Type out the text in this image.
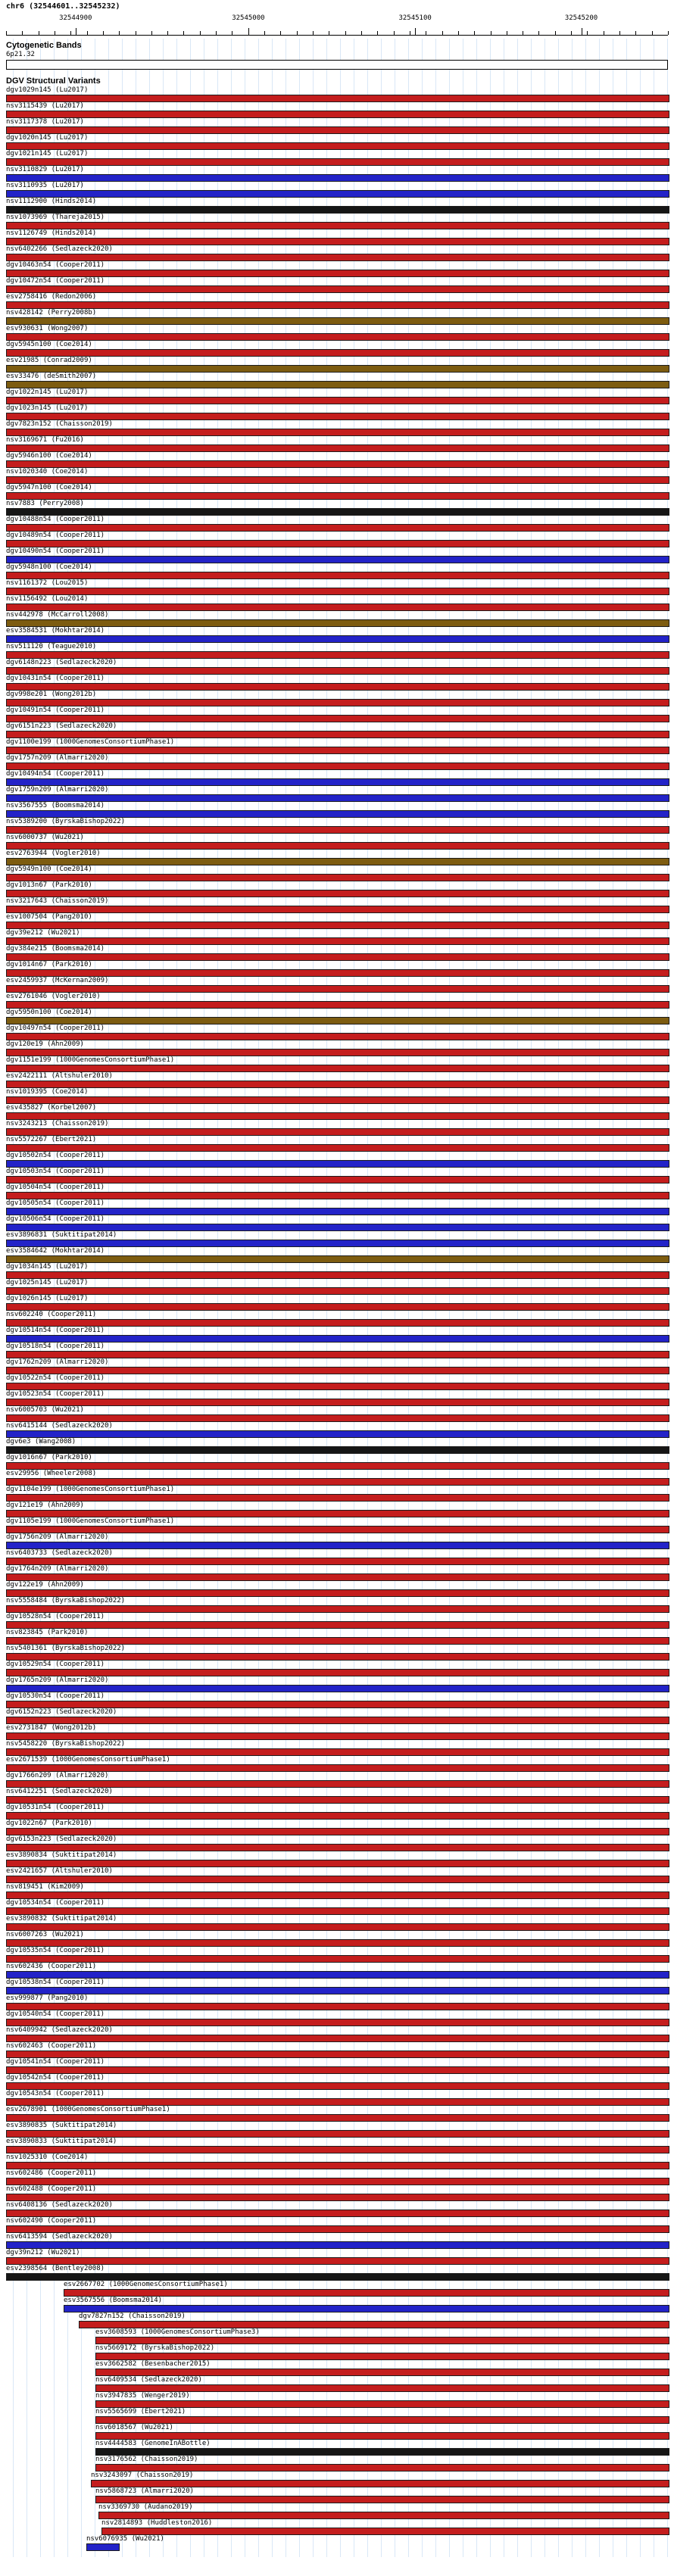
chr6 (32544601..32545232)
32544900	32545000	32545100	32545200
Cytogenetic Bands
6p21.32
DGV Structural Variants
dgv1029n145 (Lu2017)
nsv3115439 (Lu2017)
nsv3117378 (Lu2017)
dgv1020n145 (Lu2017)
dgv1021n145 (Lu2017)
nsv3110829 (Lu2017)
nsv3110935 (Lu2017)
nsv1112900 (Hinds2014)
nsv1073969 (Thareja2015)
nsv1126749 (Hinds2014)
nsv6402266 (Sedlazeck2020)
dgv10463n54 (Cooper2011)
dgv10472n54 (Cooper2011)
esv2758416 (Redon2006)
nsv428142 (Perry2008b)
esv930631 (Wong2007)
dgv5945n100 (Coe2014)
esv21985 (Conrad2009)
esv33476 (deSmith2007)
dgv1022n145 (Lu2017)
dgv1023n145 (Lu2017)
dgv7823n152 (Chaisson2019)
nsv3169671 (Fu2016)
dgv5946n100 (Coe2014)
nsv1020340 (Coe2014)
dgv5947n100 (Coe2014)
nsv7883 (Perry2008)
dgv10488n54 (Cooper2011)
dgv10489n54 (Cooper2011)
dgv10490n54 (Cooper2011)
dgv5948n100 (Coe2014)
nsv1161372 (Lou2015)
nsv1156492 (Lou2014)
nsv442978 (McCarroll2008)
esv3584531 (Mokhtar2014)
nsv511120 (Teague2010)
dgv6148n223 (Sedlazeck2020)
dgv10431n54 (Cooper2011)
dgv998e201 (Wong2012b)
dgv10491n54 (Cooper2011)
dgv6151n223 (Sedlazeck2020)
dgv1100e199 (1000GenomesConsortiumPhase1)
dgv1757n209 (Almarri2020)
dgv10494n54 (Cooper2011)
dgv1759n209 (Almarri2020)
nsv3567555 (Boomsma2014)
nsv5389200 (ByrskaBishop2022)
nsv6000737 (Wu2021)
esv2763944 (Vogler2010)
dgv5949n100 (Coe2014)
dgv1013n67 (Park2010)
nsv3217643 (Chaisson2019)
esv1007504 (Pang2010)
dgv39e212 (Wu2021)
dgv384e215 (Boomsma2014)
dgv1014n67 (Park2010)
esv2459937 (McKernan2009)
esv2761046 (Vogler2010)
dgv5950n100 (Coe2014)
dgv10497n54 (Cooper2011)
dgv120e19 (Ahn2009)
dgv1151e199 (1000GenomesConsortiumPhase1)
esv2422111 (Altshuler2010)
nsv1019395 (Coe2014)
esv435827 (Korbel2007)
nsv3243213 (Chaisson2019)
nsv5572267 (Ebert2021)
dgv10502n54 (Cooper2011)
dgv10503n54 (Cooper2011)
dgv10504n54 (Cooper2011)
dgv10505n54 (Cooper2011)
dgv10506n54 (Cooper2011)
esv3896831 (Suktitipat2014)
esv3584642 (Mokhtar2014)
dgv1034n145 (Lu2017)
dgv1025n145 (Lu2017)
dgv1026n145 (Lu2017)
nsv602240 (Cooper2011)
dgv10514n54 (Cooper2011)
dgv10518n54 (Cooper2011)
dgv1762n209 (Almarri2020)
dgv10522n54 (Cooper2011)
dgv10523n54 (Cooper2011)
nsv6005703 (Wu2021)
nsv6415144 (Sedlazeck2020)
dgv6e3 (Wang2008)
dgv1016n67 (Park2010)
esv29956 (Wheeler2008)
dgv1104e199 (1000GenomesConsortiumPhase1)
dgv121e19 (Ahn2009)
dgv1105e199 (1000GenomesConsortiumPhase1)
dgv1756n209 (Almarri2020)
nsv6403733 (Sedlazeck2020)
dgv1764n209 (Almarri2020)
dgv122e19 (Ahn2009)
nsv5558484 (ByrskaBishop2022)
dgv10528n54 (Cooper2011)
nsv823845 (Park2010)
nsv5401361 (ByrskaBishop2022)
dgv10529n54 (Cooper2011)
dgv1765n209 (Almarri2020)
dgv10530n54 (Cooper2011)
dgv6152n223 (Sedlazeck2020)
esv2731847 (Wong2012b)
nsv5458220 (ByrskaBishop2022)
esv2671539 (1000GenomesConsortiumPhase1)
dgv1766n209 (Almarri2020)
nsv6412251 (Sedlazeck2020)
dgv10531n54 (Cooper2011)
dgv1022n67 (Park2010)
dgv6153n223 (Sedlazeck2020)
esv3890834 (Suktitipat2014)
esv2421657 (Altshuler2010)
nsv819451 (Kim2009)
dgv10534n54 (Cooper2011)
esv3890832 (Suktitipat2014)
nsv6007263 (Wu2021)
dgv10535n54 (Cooper2011)
nsv602436 (Cooper2011)
dgv10538n54 (Cooper2011)
esv999877 (Pang2010)
dgv10540n54 (Cooper2011)
nsv6409942 (Sedlazeck2020)
nsv602463 (Cooper2011)
dgv10541n54 (Cooper2011)
dgv10542n54 (Cooper2011)
dgv10543n54 (Cooper2011)
esv2678901 (1000GenomesConsortiumPhase1)
esv3890835 (Suktitipat2014)
esv3890833 (Suktitipat2014)
nsv1025310 (Coe2014)
nsv602486 (Cooper2011)
nsv602488 (Cooper2011)
nsv6408136 (Sedlazeck2020)
nsv602490 (Cooper2011)
nsv6413594 (Sedlazeck2020)
dgv39n212 (Wu2021)
esv2398564 (Bentley2008)
esv2667702 (1000GenomesConsortiumPhase1)
esv3567556 (Boomsma2014)
dgv7827n152 (Chaisson2019)
esv3608593 (1000GenomesConsortiumPhase3)
nsv5669172 (ByrskaBishop2022)
esv3662582 (Besenbacher2015)
nsv6409534 (Sedlazeck2020)
nsv3947835 (Wenger2019)
nsv5565699 (Ebert2021)
nsv6018567 (Wu2021)
nsv4444583 (GenomeInABottle)
nsv3176562 (Chaisson2019)
nsv3243097 (Chaisson2019)
nsv5868723 (Almarri2020)
nsv3369730 (Audano2019)
nsv2814893 (Huddleston2016)
nsv6076935 (Wu2021)
